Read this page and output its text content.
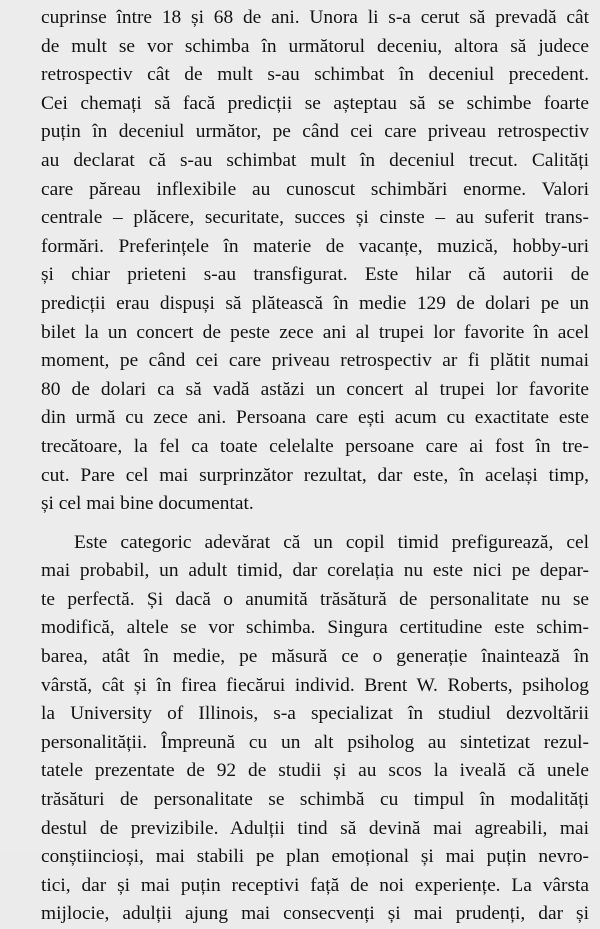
cuprinse între 18 și 68 de ani. Unora li s-a cerut să prevadă cât
de mult se vor schimba în următorul deceniu, altora să judece
retrospectiv cât de mult s-au schimbat în deceniul precedent.
Cei chemați să facă predicții se așteptau să se schimbe foarte
puțin în deceniul următor, pe când cei care priveau retrospectiv
au declarat că s-au schimbat mult în deceniul trecut. Calități
care păreau inflexibile au cunoscut schimbări enorme. Valori
centrale – plăcere, securitate, succes și cinste – au suferit trans-
formări. Preferințele în materie de vacanțe, muzică, hobby-uri
și chiar prieteni s-au transfigurat. Este hilar că autorii de
predicții erau dispuși să plătească în medie 129 de dolari pe un
bilet la un concert de peste zece ani al trupei lor favorite în acel
moment, pe când cei care priveau retrospectiv ar fi plătit numai
80 de dolari ca să vadă astăzi un concert al trupei lor favorite
din urmă cu zece ani. Persoana care ești acum cu exactitate este
trecătoare, la fel ca toate celelalte persoane care ai fost în tre-
cut. Pare cel mai surprinzător rezultat, dar este, în același timp,
și cel mai bine documentat.
Este categoric adevărat că un copil timid prefigurează, cel
mai probabil, un adult timid, dar corelația nu este nici pe depar-
te perfectă. Și dacă o anumită trăsătură de personalitate nu se
modifică, altele se vor schimba. Singura certitudine este schim-
barea, atât în medie, pe măsură ce o generație înaintează în
vârstă, cât și în firea fiecărui individ. Brent W. Roberts, psiholog
la University of Illinois, s-a specializat în studiul dezvoltării
personalității. Împreună cu un alt psiholog au sintetizat rezul-
tatele prezentate de 92 de studii și au scos la iveală că unele
trăsături de personalitate se schimbă cu timpul în modalități
destul de previzibile. Adulții tind să devină mai agreabili, mai
conștiincioși, mai stabili pe plan emoțional și mai puțin nevro-
tici, dar și mai puțin receptivi față de noi experiențe. La vârsta
mijlocie, adulții ajung mai consecvenți și mai prudenți, dar și
